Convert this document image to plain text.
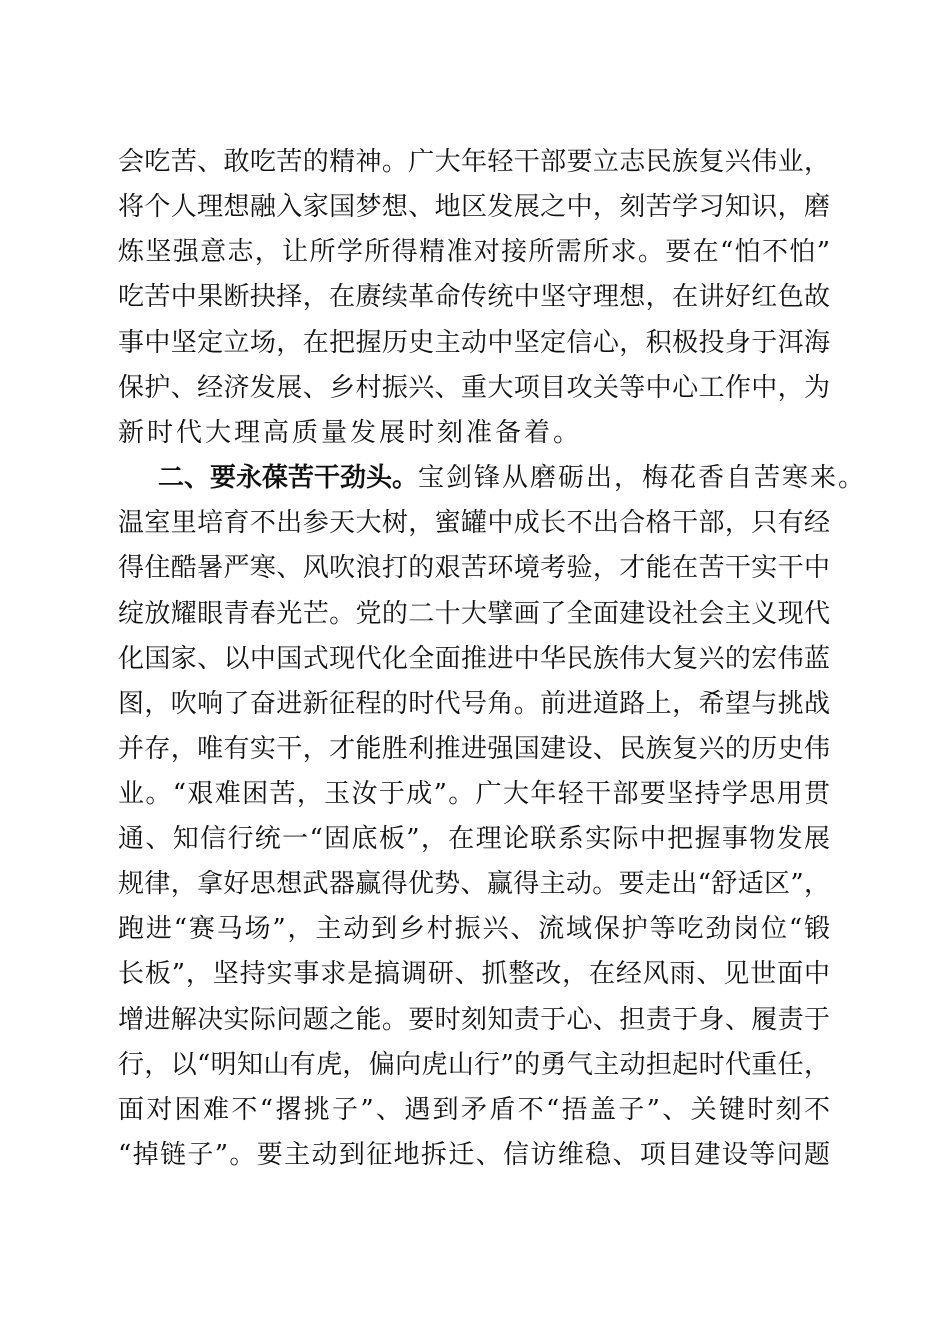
会吃苦、敢吃苦的精神。广大年轻干部要立志民族复兴伟业，
将个人理想融入家国梦想、地区发展之中，刻苦学习知识，磨
炼坚强意志，让所学所得精准对接所需所求。要在“怕不怕”
吃苦中果断抉择，在赓续革命传统中坚守理想，在讲好红色故
事中坚定立场，在把握历史主动中坚定信心，积极投身于洱海
保护、经济发展、乡村振兴、重大项目攻关等中心工作中，为
新时代大理高质量发展时刻准备着。
二、要永葆苦干劲头。 宝剑锋从磨砺出，梅花香自苦寒来。
温室里培育不出参天大树，蜜罐中成长不出合格干部，只有经
得住酷暑严寒、风吹浪打的艰苦环境考验，才能在苦干实干中
绽放耀眼青春光芒。党的二十大擘画了全面建设社会主义现代
化国家、以中国式现代化全面推进中华民族伟大复兴的宏伟蓝
图，吹响了奋进新征程的时代号角。前进道路上，希望与挑战
并存，唯有实干，才能胜利推进强国建设、民族复兴的历史伟
业。“艰难困苦，玉汝于成”。广大年轻干部要坚持学思用贯
通、知信行统一“固底板”，在理论联系实际中把握事物发展
规律，拿好思想武器赢得优势、赢得主动。要走出“舒适区”，
跑进“赛马场”，主动到乡村振兴、流域保护等吃劲岗位“锻
长板”，坚持实事求是搞调研、抓整改，在经风雨、见世面中
增进解决实际问题之能。要时刻知责于心、担责于身、履责于
行，以“明知山有虎，偏向虎山行”的勇气主动担起时代重任，
面对困难不“撂挑子”、遇到矛盾不“捂盖子”、关键时刻不
“掉链子”。要主动到征地拆迁、信访维稳、项目建设等问题
